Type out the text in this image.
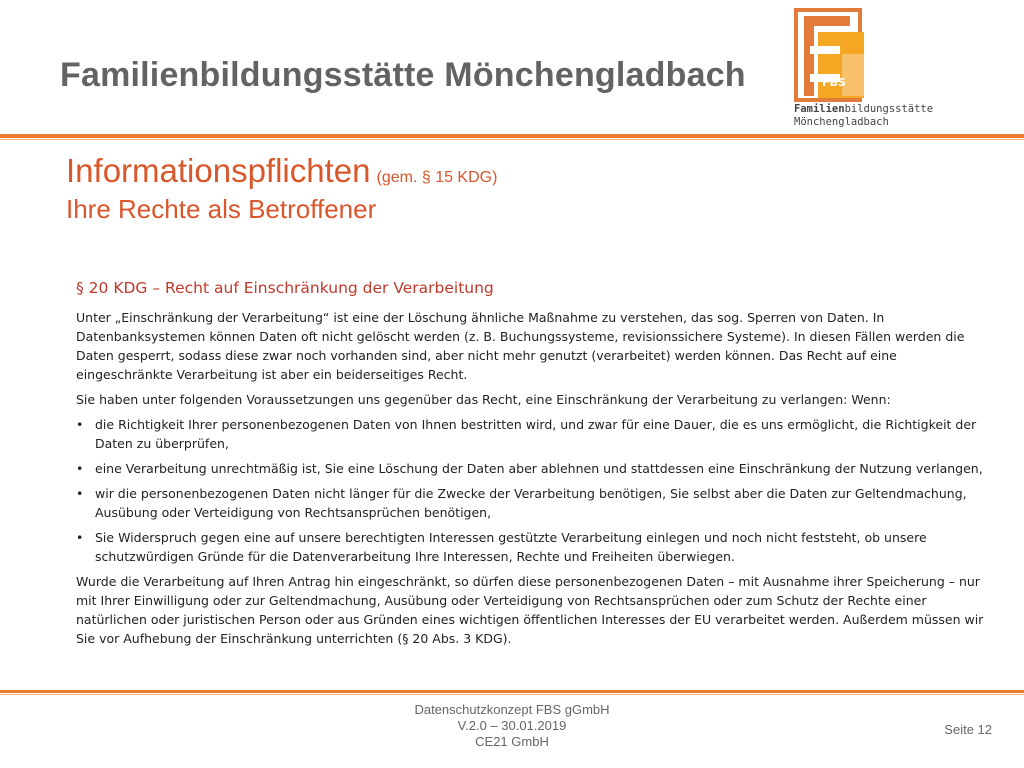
Familienbildungsstätte Mönchengladbach	FBS
Familienbildungsstätte
Mönchengladbach
Informationspflichten (gem. § 15 KDG)
Ihre Rechte als Betroffener
§ 20 KDG – Recht auf Einschränkung der Verarbeitung

Unter „Einschränkung der Verarbeitung“ ist eine der Löschung ähnliche Maßnahme zu verstehen, das sog. Sperren von Daten. In Datenbanksystemen können Daten oft nicht gelöscht werden (z. B. Buchungssysteme, revisionssichere Systeme). In diesen Fällen werden die Daten gesperrt, sodass diese zwar noch vorhanden sind, aber nicht mehr genutzt (verarbeitet) werden können. Das Recht auf eine eingeschränkte Verarbeitung ist aber ein beiderseitiges Recht.

Sie haben unter folgenden Voraussetzungen uns gegenüber das Recht, eine Einschränkung der Verarbeitung zu verlangen: Wenn:

• die Richtigkeit Ihrer personenbezogenen Daten von Ihnen bestritten wird, und zwar für eine Dauer, die es uns ermöglicht, die Richtigkeit der Daten zu überprüfen,
• eine Verarbeitung unrechtmäßig ist, Sie eine Löschung der Daten aber ablehnen und stattdessen eine Einschränkung der Nutzung verlangen,
• wir die personenbezogenen Daten nicht länger für die Zwecke der Verarbeitung benötigen, Sie selbst aber die Daten zur Geltendmachung, Ausübung oder Verteidigung von Rechtsansprüchen benötigen,
• Sie Widerspruch gegen eine auf unsere berechtigten Interessen gestützte Verarbeitung einlegen und noch nicht feststeht, ob unsere schutzwürdigen Gründe für die Datenverarbeitung Ihre Interessen, Rechte und Freiheiten überwiegen.

Wurde die Verarbeitung auf Ihren Antrag hin eingeschränkt, so dürfen diese personenbezogenen Daten – mit Ausnahme ihrer Speicherung – nur mit Ihrer Einwilligung oder zur Geltendmachung, Ausübung oder Verteidigung von Rechtsansprüchen oder zum Schutz der Rechte einer natürlichen oder juristischen Person oder aus Gründen eines wichtigen öffentlichen Interesses der EU verarbeitet werden. Außerdem müssen wir Sie vor Aufhebung der Einschränkung unterrichten (§ 20 Abs. 3 KDG).

Datenschutzkonzept FBS gGmbH
V.2.0 – 30.01.2019
CE21 GmbH
Seite 12
